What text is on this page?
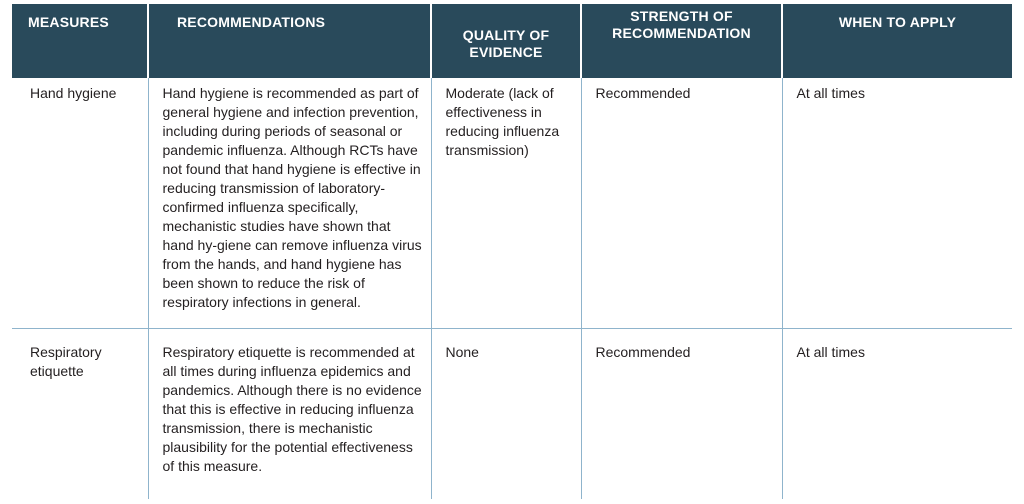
MEASURES	RECOMMENDATIONS	QUALITY OF EVIDENCE	STRENGTH OF RECOMMENDATION	WHEN TO APPLY
Hand hygiene	Hand hygiene is recommended as part of general hygiene and infection prevention, including during periods of seasonal or pandemic influenza. Although RCTs have not found that hand hygiene is effective in reducing transmission of laboratory-confirmed influenza specifically, mechanistic studies have shown that hand hy-giene can remove influenza virus from the hands, and hand hygiene has been shown to reduce the risk of respiratory infections in general.	Moderate (lack of effectiveness in reducing influenza transmission)	Recommended	At all times
Respiratory etiquette	Respiratory etiquette is recommended at all times during influenza epidemics and pandemics. Although there is no evidence that this is effective in reducing influenza transmission, there is mechanistic plausibility for the potential effectiveness of this measure.	None	Recommended	At all times
